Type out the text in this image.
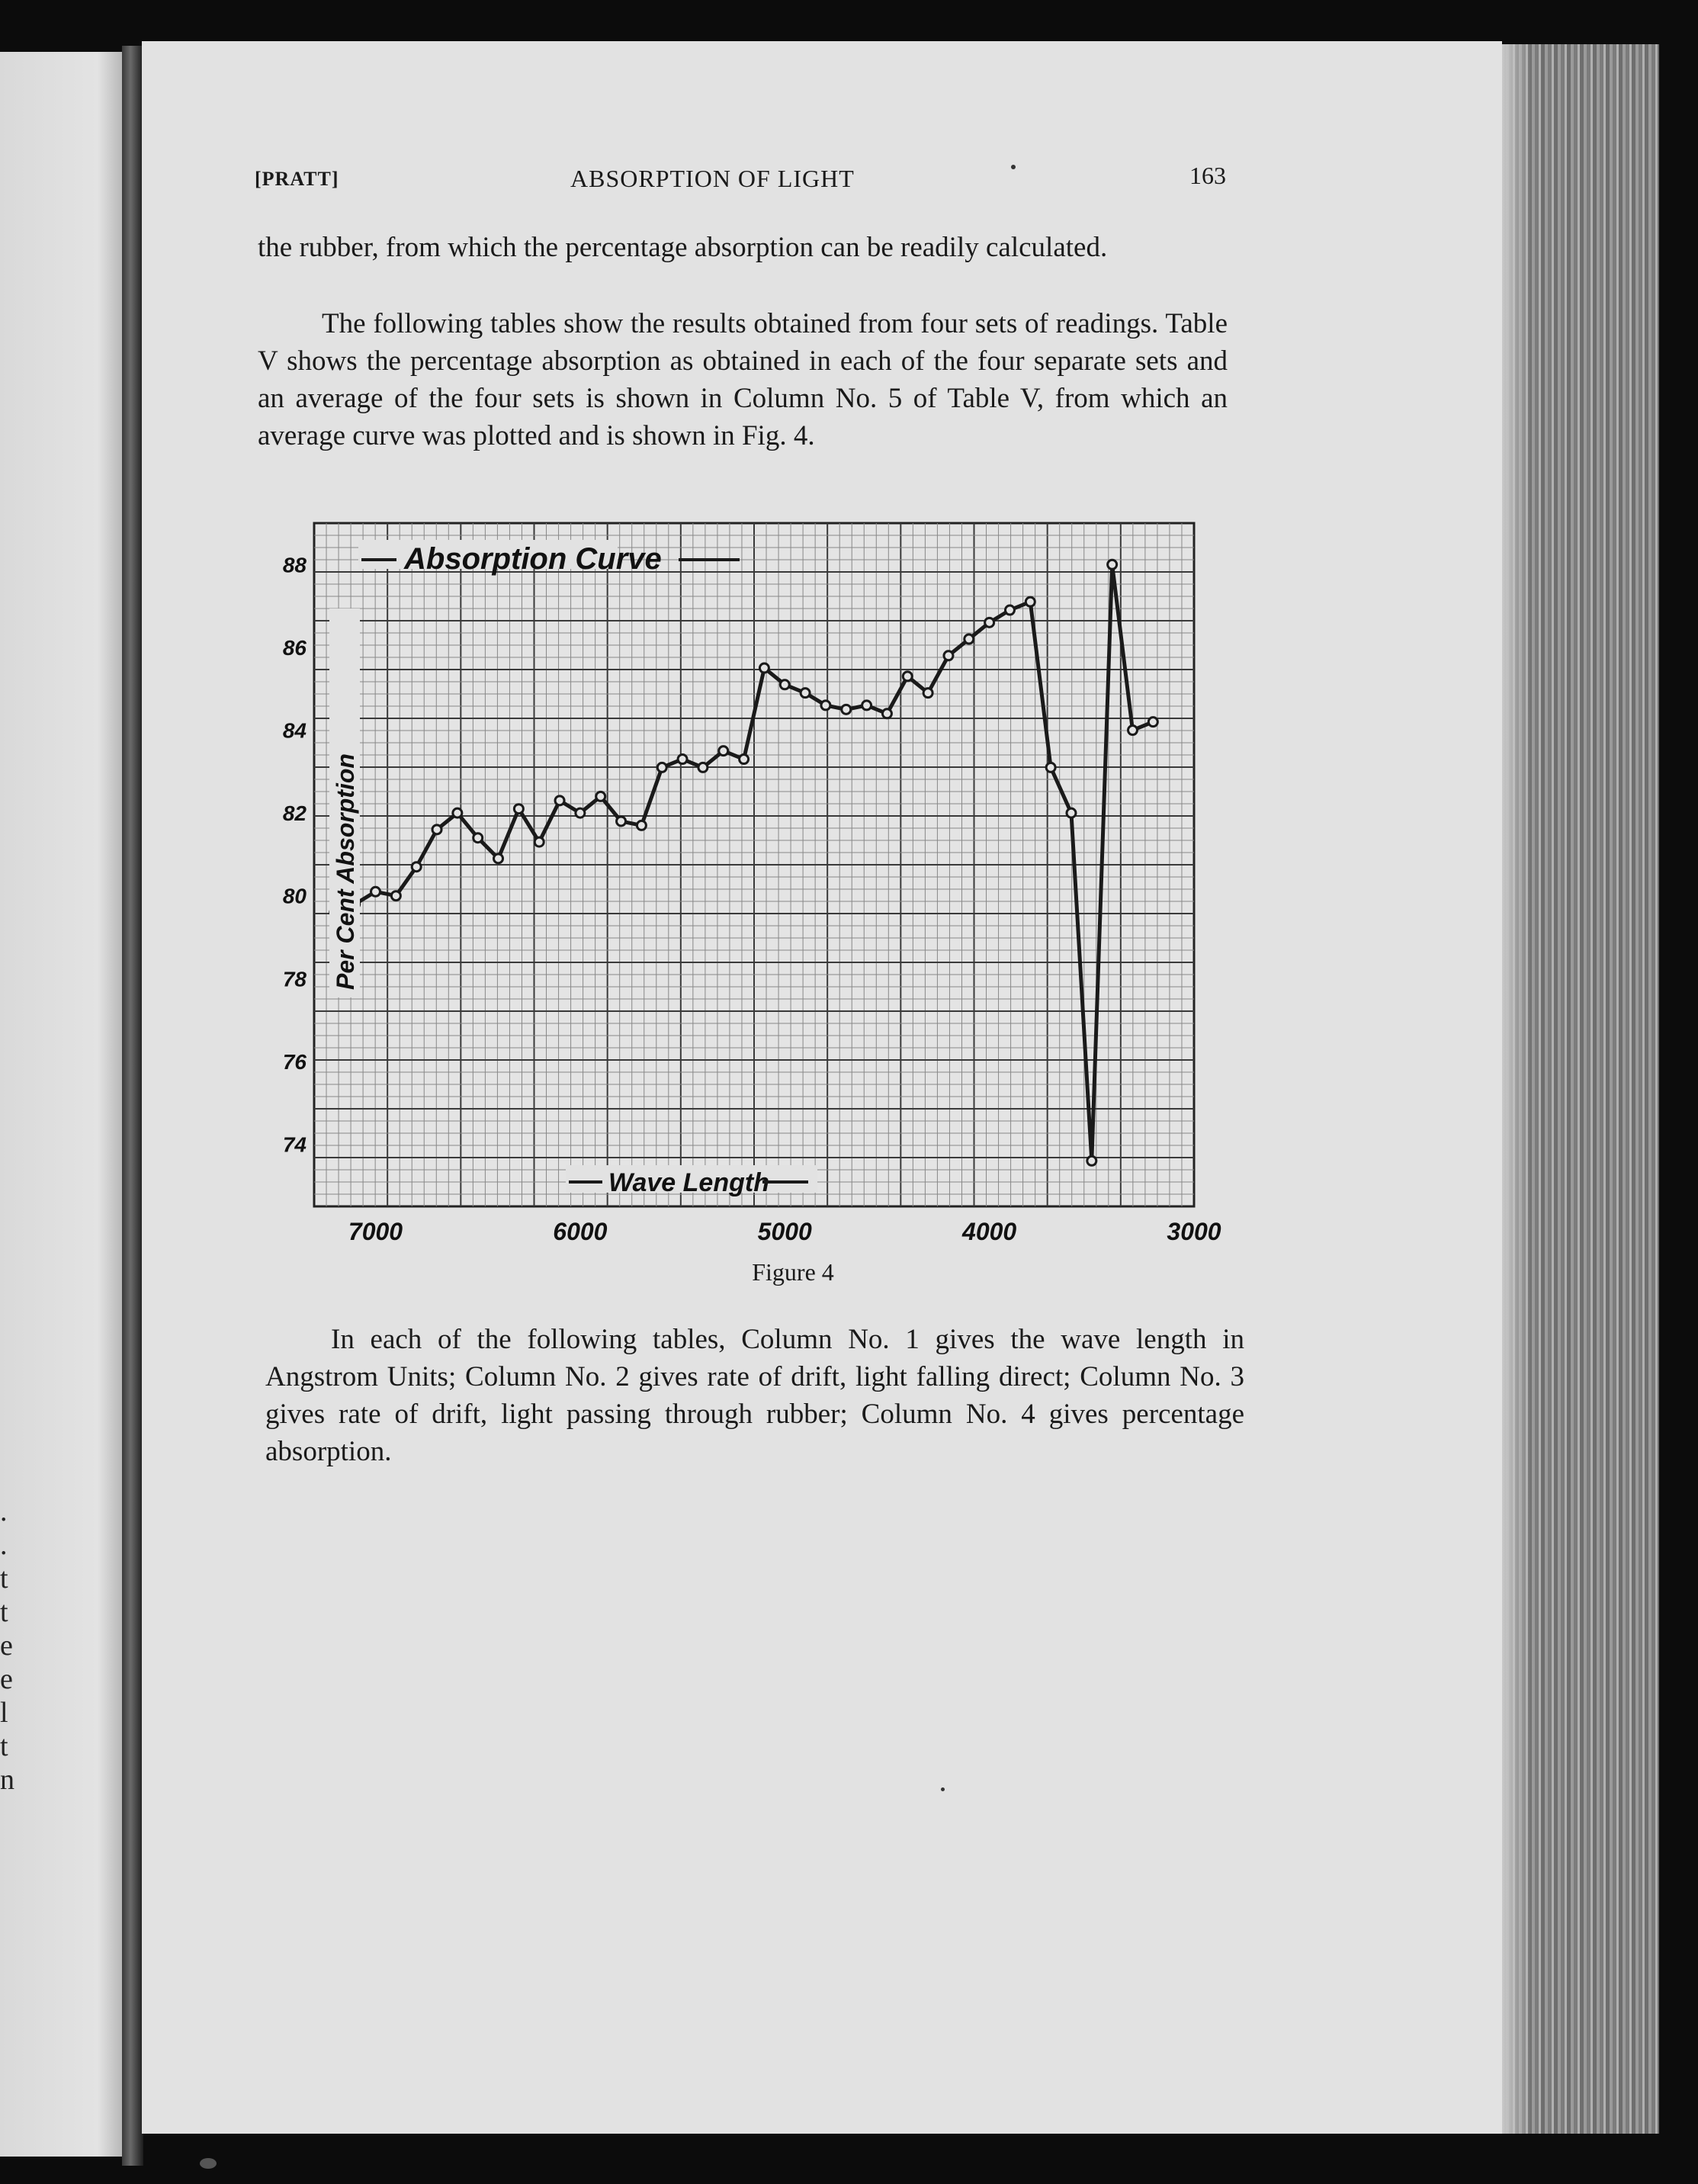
.
.
t
t
e
e
l
t
n
[PRATT]	ABSORPTION OF LIGHT	163

the rubber, from which the percentage absorption can be readily calculated.

The following tables show the results obtained from four sets of readings. Table V shows the percentage absorption as obtained in each of the four separate sets and an average of the four sets is shown in Column No. 5 of Table V, from which an average curve was plotted and is shown in Fig. 4.

74
76
78
80
82
84
86
88
7000	6000	5000	4000	3000
Absorption Curve
Per Cent Absorption
Wave Length
Figure 4

In each of the following tables, Column No. 1 gives the wave length in Angstrom Units; Column No. 2 gives rate of drift, light falling direct; Column No. 3 gives rate of drift, light passing through rubber; Column No. 4 gives percentage absorption.
